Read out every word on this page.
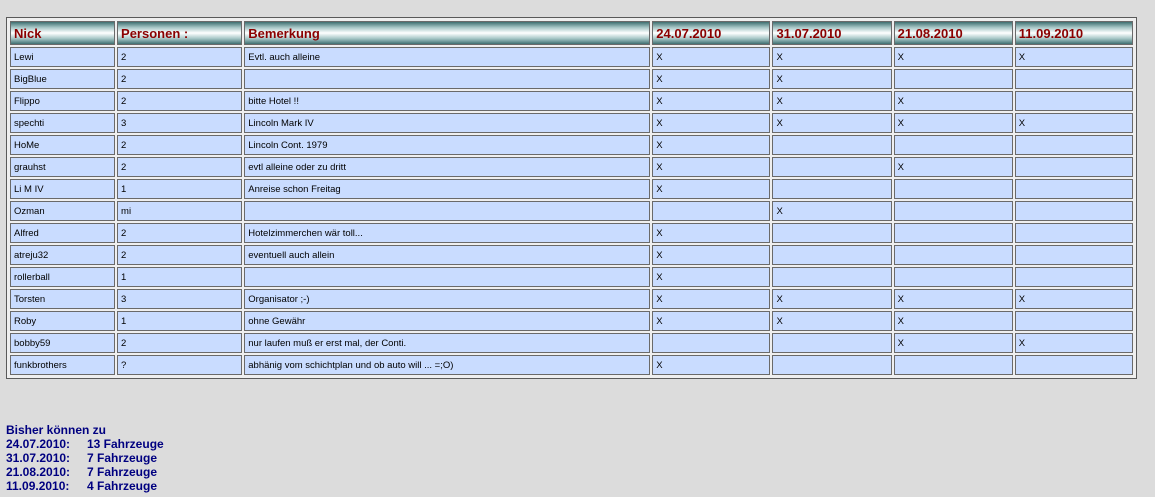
Nick	Personen :	Bemerkung	24.07.2010	31.07.2010	21.08.2010	11.09.2010
Lewi	2	Evtl. auch alleine	X	X	X	X
BigBlue	2		X	X		
Flippo	2	bitte Hotel !!	X	X	X	
spechti	3	Lincoln Mark IV	X	X	X	X
HoMe	2	Lincoln Cont. 1979	X			
grauhst	2	evtl alleine oder zu dritt	X		X	
Li M IV	1	Anreise schon Freitag	X			
Ozman	mi			X		
Alfred	2	Hotelzimmerchen wär toll...	X			
atreju32	2	eventuell auch allein	X			
rollerball	1		X			
Torsten	3	Organisator ;-)	X	X	X	X
Roby	1	ohne Gewähr	X	X	X	
bobby59	2	nur laufen muß er erst mal, der Conti.			X	X
funkbrothers	?	abhänig vom schichtplan und ob auto will ... =;O)	X			
Bisher können zu
24.07.2010:	13 Fahrzeuge
31.07.2010:	7 Fahrzeuge
21.08.2010:	7 Fahrzeuge
11.09.2010:	4 Fahrzeuge
